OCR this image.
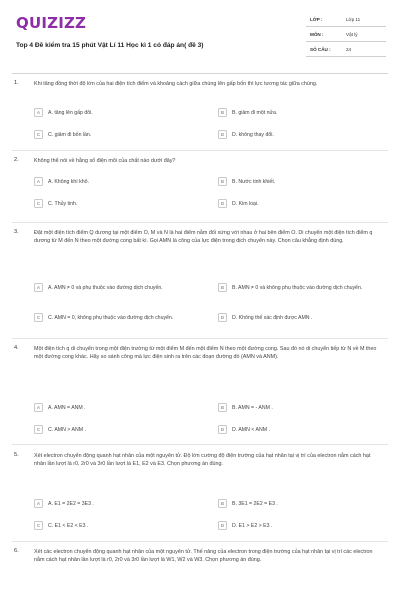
QUIZIZZ
Top 4 Đề kiểm tra 15 phút Vật Lí 11 Học kì 1 có đáp án( đề 3)
LỚP :	Lớp 11
MÔN :	Vật lý
SỐ CÂU :	24
1.	Khi tăng đồng thời độ lớn của hai điện tích điểm và khoảng cách giữa chúng lên gấp bốn thì lực tương tác giữa chúng.
A	A. tăng lên gấp đôi.	B	B. giảm đi một nửa.
C	C. giảm đi bốn lần.	D	D. không thay đổi.
2.	Không thể nói về hằng số điện môi của chất nào dưới đây?
A	A. Không khí khô.	B	B. Nước tinh khiết.
C	C. Thủy tinh.	D	D. Kim loại.
3.	Đặt một điện tích điểm Q dương tại một điểm O, M và N là hai điểm nằm đối xứng với nhau ở hai bên điểm O. Di chuyển một điện tích điểm q dương từ M đến N theo một đường cong bất kì. Gọi AMN là công của lực điện trong dịch chuyển này. Chọn câu khẳng định đúng.
A	A. AMN ≠ 0 và phụ thuộc vào đường dịch chuyển.	B	B. AMN ≠ 0 và không phụ thuộc vào đường dịch chuyển.
C	C. AMN = 0, không phụ thuộc vào đường dịch chuyển.	D	D. Không thể xác định được AMN .
4.	Một điện tích q di chuyển trong một điện trường từ một điểm M đến một điểm N theo một đường cong. Sau đó nó di chuyển tiếp từ N về M theo một đường cong khác. Hãy so sánh công mà lực điện sinh ra trên các đoạn đường đó (AMN và ANM).
A	A. AMN = ANM .	B	B. AMN = - ANM .
C	C. AMN > ANM .	D	D. AMN < ANM .
5.	Xét electron chuyển động quanh hạt nhân của một nguyên tử. Độ lớn cường độ điện trường của hạt nhân tại vị trí của electron nằm cách hạt nhân lần lượt là r0, 2r0 và 3r0 lần lượt là E1, E2 và E3. Chọn phương án đúng.
A	A. E1 = 2E2 = 3E3 .	B	B. 3E1 = 2E2 = E3 .
C	C. E1 < E2 < E3 .	D	D. E1 > E2 > E3 .
6.	Xét các electron chuyển động quanh hạt nhân của một nguyên tử. Thế năng của electron trong điện trường của hạt nhân tại vị trí các electron nằm cách hạt nhân lần lượt là r0, 2r0 và 3r0 lần lượt là W1, W2 và W3. Chọn phương án đúng.
